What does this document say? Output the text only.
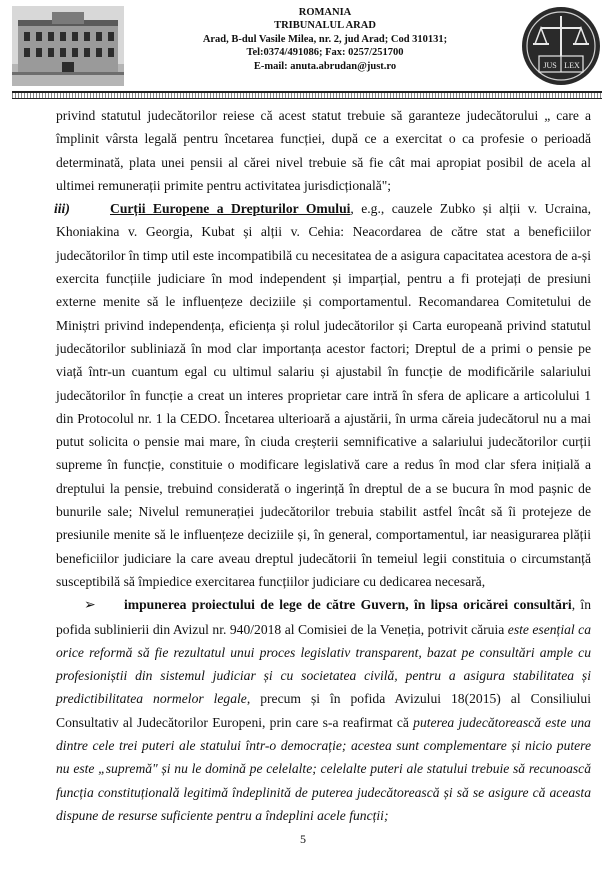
ROMANIA
TRIBUNALUL ARAD
Arad, B-dul Vasile Milea, nr. 2, jud Arad; Cod 310131;
Tel:0374/491086; Fax: 0257/251700
E-mail: anuta.abrudan@just.ro	JUS LEX

privind statutul judecătorilor reiese că acest statut trebuie să garanteze judecătorului „ care a împlinit vârsta legală pentru încetarea funcției, după ce a exercitat o ca profesie o perioadă determinată, plata unei pensii al cărei nivel trebuie să fie cât mai apropiat posibil de acela al ultimei remunerații primite pentru activitatea jurisdicțională";

iii)	Curții Europene a Drepturilor Omului, e.g., cauzele Zubko și alții v. Ucraina, Khoniakina v. Georgia, Kubat și alții v. Cehia: Neacordarea de către stat a beneficiilor judecătorilor în timp util este incompatibilă cu necesitatea de a asigura capacitatea acestora de a-și exercita funcțiile judiciare în mod independent și imparțial, pentru a fi protejați de presiuni externe menite să le influențeze deciziile și comportamentul. Recomandarea Comitetului de Miniștri privind independența, eficiența și rolul judecătorilor și Carta europeană privind statutul judecătorilor subliniază în mod clar importanța acestor factori; Dreptul de a primi o pensie pe viață într-un cuantum egal cu ultimul salariu și ajustabil în funcție de modificările salariului judecătorilor în funcție a creat un interes proprietar care intră în sfera de aplicare a articolului 1 din Protocolul nr. 1 la CEDO. Încetarea ulterioară a ajustării, în urma căreia judecătorul nu a mai putut solicita o pensie mai mare, în ciuda creșterii semnificative a salariului judecătorilor curții supreme în funcție, constituie o modificare legislativă care a redus în mod clar sfera inițială a dreptului la pensie, trebuind considerată o ingerință în dreptul de a se bucura în mod pașnic de bunurile sale; Nivelul remunerației judecătorilor trebuia stabilit astfel încât să îi protejeze de presiunile menite să le influențeze deciziile și, în general, comportamentul, iar neasigurarea plății beneficiilor judiciare la care aveau dreptul judecătorii în temeiul legii constituia o circumstanță susceptibilă să împiedice exercitarea funcțiilor judiciare cu dedicarea necesară,

➢ impunerea proiectului de lege de către Guvern, în lipsa oricărei consultări, în pofida sublinierii din Avizul nr. 940/2018 al Comisiei de la Veneția, potrivit căruia este esențial ca orice reformă să fie rezultatul unui proces legislativ transparent, bazat pe consultări ample cu profesioniștii din sistemul judiciar și cu societatea civilă, pentru a asigura stabilitatea și predictibilitatea normelor legale, precum și în pofida Avizului 18(2015) al Consiliului Consultativ al Judecătorilor Europeni, prin care s-a reafirmat că puterea judecătorească este una dintre cele trei puteri ale statului într-o democrație; acestea sunt complementare și nicio putere nu este „supremă" și nu le domină pe celelalte; celelalte puteri ale statului trebuie să recunoască funcția constituțională legitimă îndeplinită de puterea judecătorească și să se asigure că aceasta dispune de resurse suficiente pentru a îndeplini acele funcții;

5
